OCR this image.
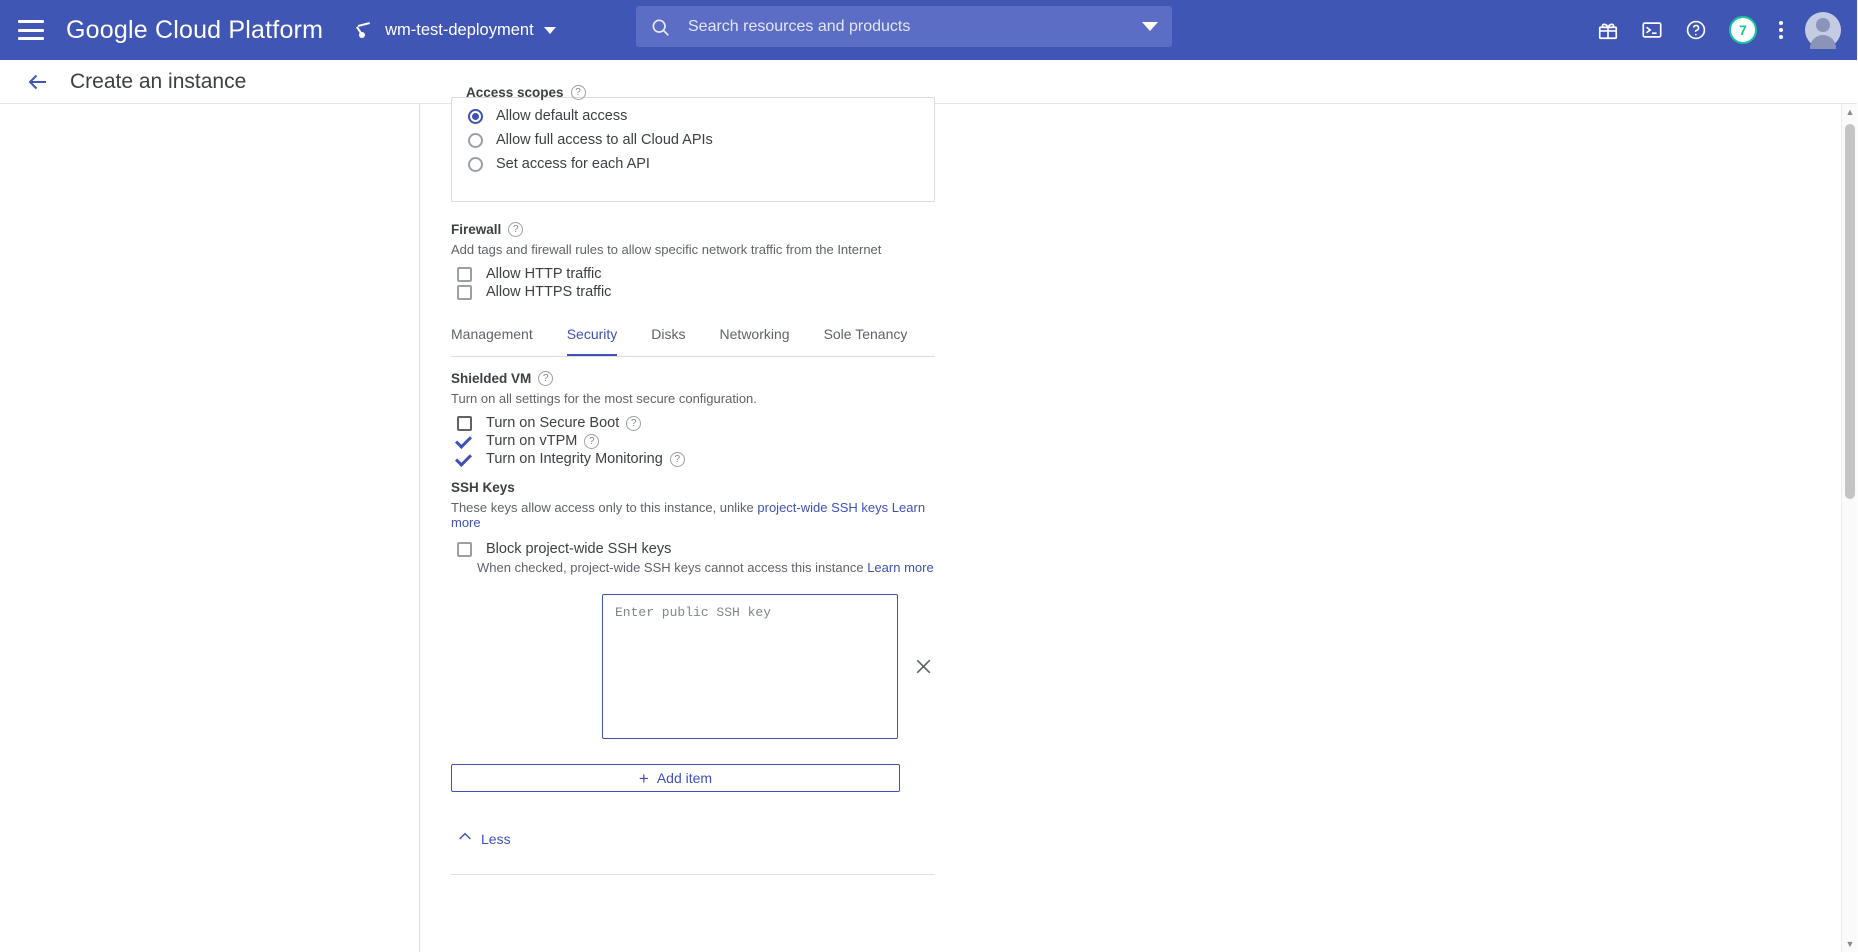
Google Cloud Platform	wm-test-deployment
Search resources and products	7
Create an instance	Access scopes	?
Allow default access
Allow full access to all Cloud APIs
Set access for each API
Firewall	?
Add tags and firewall rules to allow specific network traffic from the Internet
Allow HTTP traffic
Allow HTTPS traffic
Management Security Disks Networking Sole Tenancy
Shielded VM	?
Turn on all settings for the most secure configuration.
Turn on Secure Boot	?
Turn on vTPM	?
Turn on Integrity Monitoring	?
SSH Keys
These keys allow access only to this instance, unlike project-wide SSH keys Learn more
Block project-wide SSH keys
When checked, project-wide SSH keys cannot access this instance Learn more
Enter public SSH key
+ Add item
Less
▲
▼
